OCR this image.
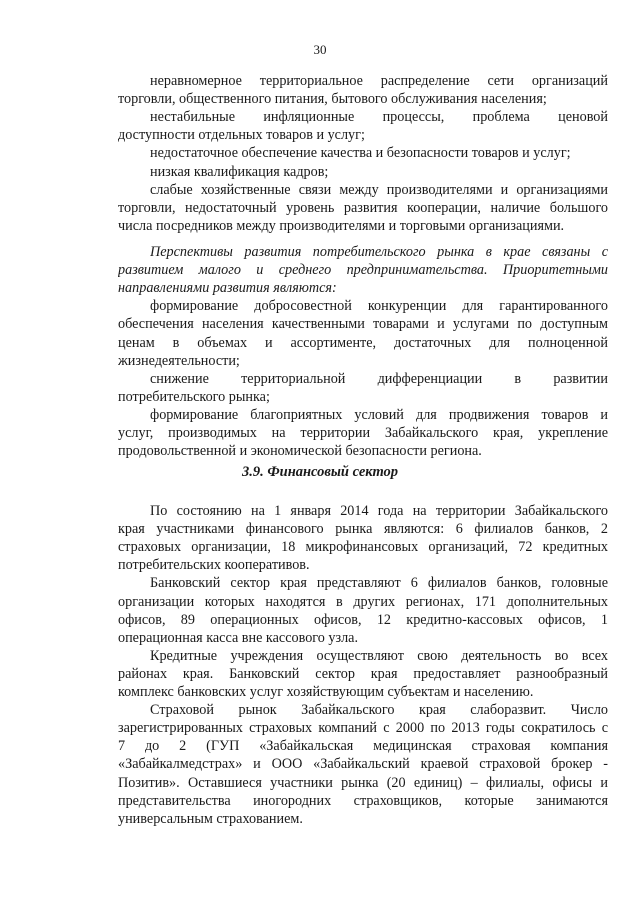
30
неравномерное территориальное распределение сети организаций
торговли, общественного питания, бытового обслуживания населения;
нестабильные инфляционные процессы, проблема ценовой
доступности отдельных товаров и услуг;
недостаточное обеспечение качества и безопасности товаров и услуг;
низкая квалификация кадров;
слабые хозяйственные связи между производителями и организациями
торговли, недостаточный уровень развития кооперации, наличие большого
числа посредников между производителями и торговыми организациями.
Перспективы развития потребительского рынка в крае связаны с
развитием малого и среднего предпринимательства. Приоритетными
направлениями развития являются:
формирование добросовестной конкуренции для гарантированного
обеспечения населения качественными товарами и услугами по доступным
ценам в объемах и ассортименте, достаточных для полноценной
жизнедеятельности;
снижение территориальной дифференциации в развитии
потребительского рынка;
формирование благоприятных условий для продвижения товаров и
услуг, производимых на территории Забайкальского края, укрепление
продовольственной и экономической безопасности региона.
3.9. Финансовый сектор
По состоянию на 1 января 2014 года на территории Забайкальского
края участниками финансового рынка являются: 6 филиалов банков, 2
страховых организации, 18 микрофинансовых организаций, 72 кредитных
потребительских кооперативов.
Банковский сектор края представляют 6 филиалов банков, головные
организации которых находятся в других регионах, 171 дополнительных
офисов, 89 операционных офисов, 12 кредитно-кассовых офисов, 1
операционная касса вне кассового узла.
Кредитные учреждения осуществляют свою деятельность во всех
районах края. Банковский сектор края предоставляет разнообразный
комплекс банковских услуг хозяйствующим субъектам и населению.
Страховой рынок Забайкальского края слаборазвит. Число
зарегистрированных страховых компаний с 2000 по 2013 годы сократилось с
7 до 2 (ГУП «Забайкальская медицинская страховая компания
«Забайкалмедстрах» и ООО «Забайкальский краевой страховой брокер -
Позитив». Оставшиеся участники рынка (20 единиц) – филиалы, офисы и
представительства иногородних страховщиков, которые занимаются
универсальным страхованием.
